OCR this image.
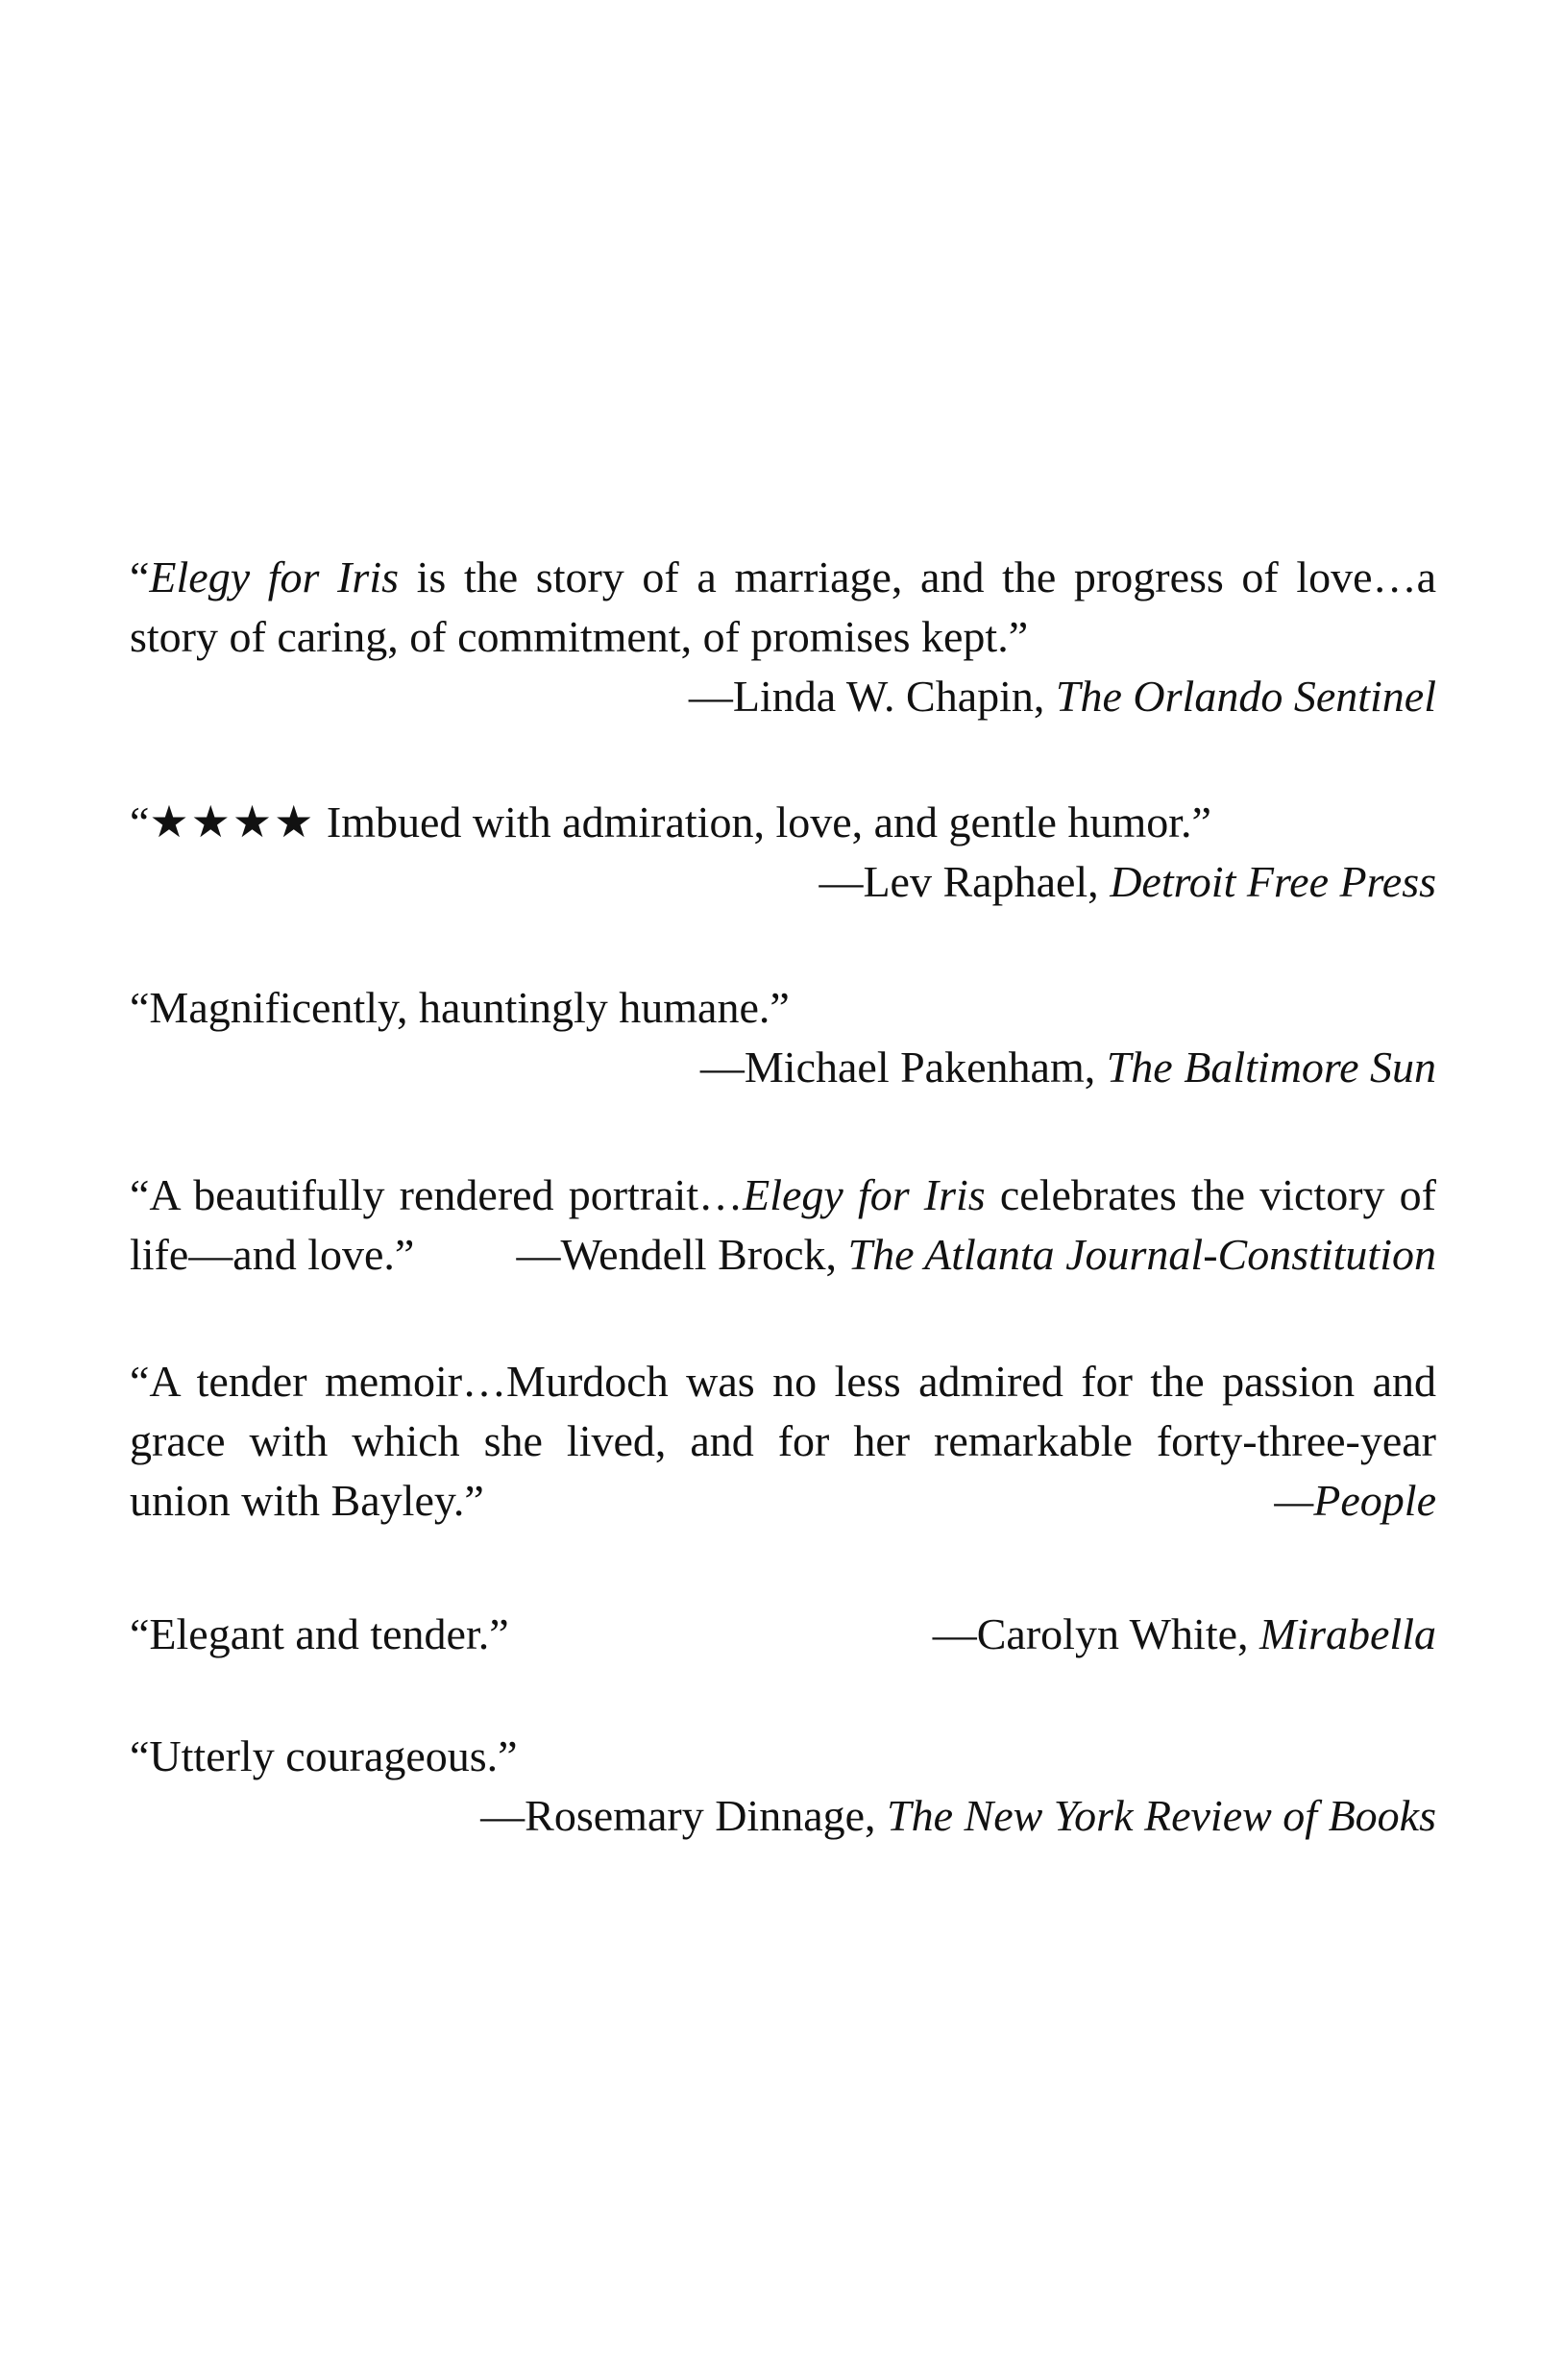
“Elegy for Iris is the story of a marriage, and the progress of love…a
story of caring, of commitment, of promises kept.”
—Linda W. Chapin, The Orlando Sentinel
“★★★★ Imbued with admiration, love, and gentle humor.”
—Lev Raphael, Detroit Free Press
“Magnificently, hauntingly humane.”
—Michael Pakenham, The Baltimore Sun
“A beautifully rendered portrait…Elegy for Iris celebrates the victory of
life—and love.” —Wendell Brock, The Atlanta Journal-Constitution
“A tender memoir…Murdoch was no less admired for the passion and
grace with which she lived, and for her remarkable forty-three-year
union with Bayley.”	—People
“Elegant and tender.”	—Carolyn White, Mirabella
“Utterly courageous.”
—Rosemary Dinnage, The New York Review of Books
